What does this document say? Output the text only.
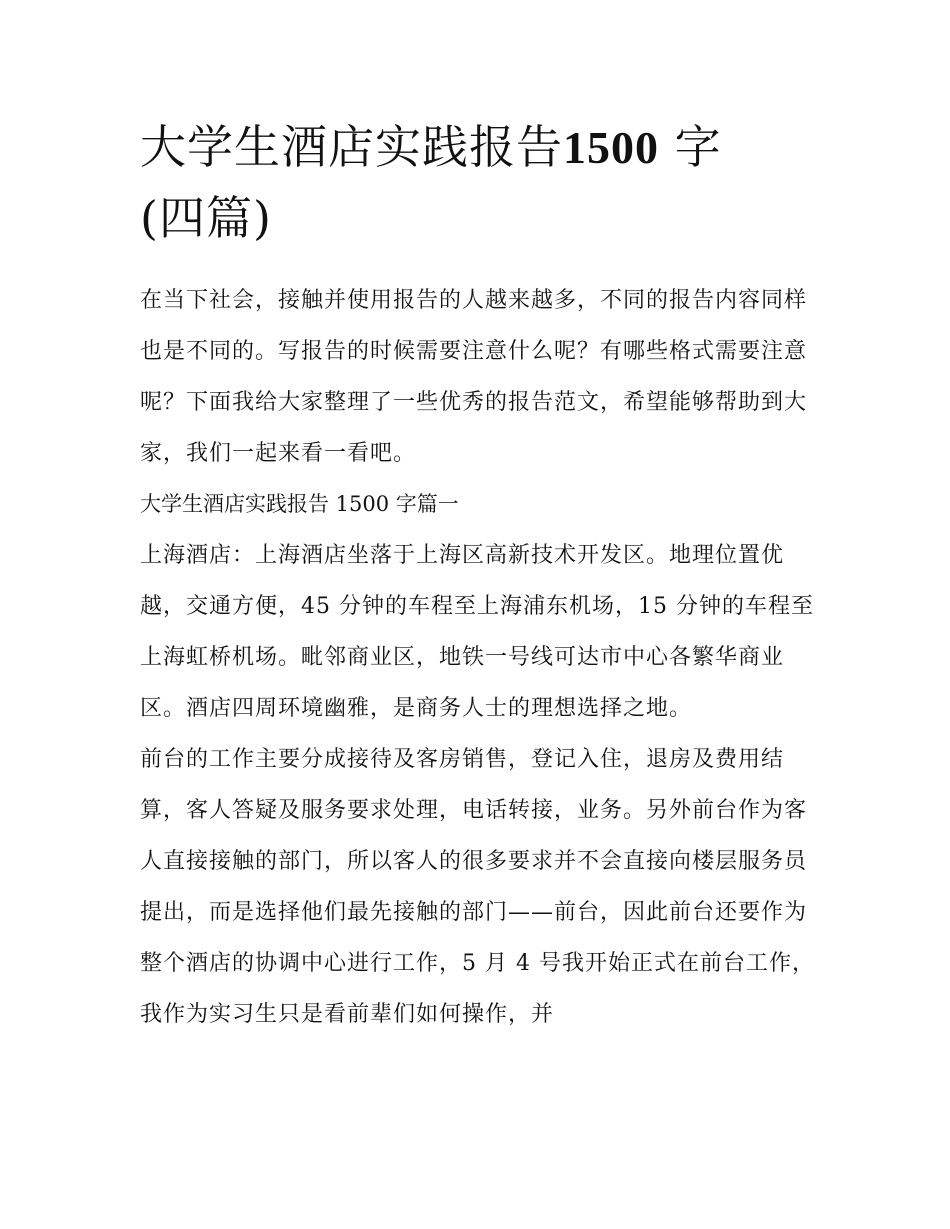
大学生酒店实践报告1500 字
(四篇)

在当下社会，接触并使用报告的人越来越多，不同的报告内容同样也是不同的。写报告的时候需要注意什么呢？有哪些格式需要注意呢？下面我给大家整理了一些优秀的报告范文，希望能够帮助到大家，我们一起来看一看吧。

大学生酒店实践报告 1500 字篇一

上海酒店：上海酒店坐落于上海区高新技术开发区。地理位置优越，交通方便，45 分钟的车程至上海浦东机场，15 分钟的车程至上海虹桥机场。毗邻商业区，地铁一号线可达市中心各繁华商业区。酒店四周环境幽雅，是商务人士的理想选择之地。

前台的工作主要分成接待及客房销售，登记入住，退房及费用结算，客人答疑及服务要求处理，电话转接，业务。另外前台作为客人直接接触的部门，所以客人的很多要求并不会直接向楼层服务员提出，而是选择他们最先接触的部门——前台，因此前台还要作为整个酒店的协调中心进行工作，5 月 4 号我开始正式在前台工作，我作为实习生只是看前辈们如何操作，并
